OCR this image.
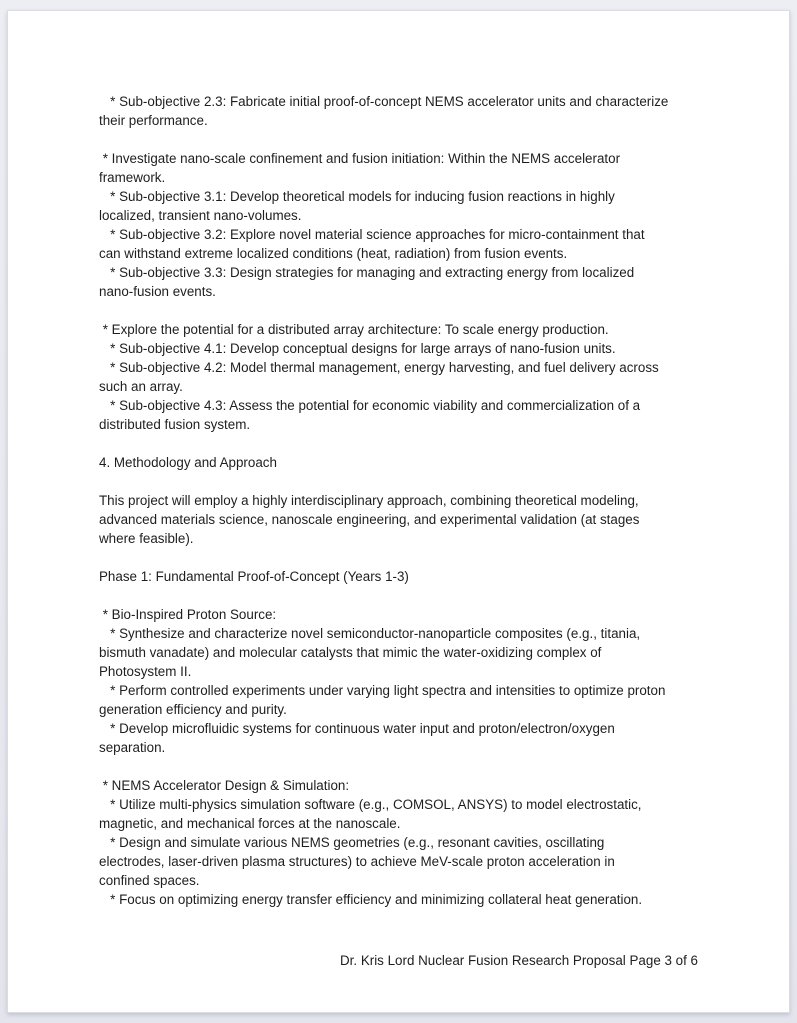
* Sub-objective 2.3: Fabricate initial proof-of-concept NEMS accelerator units and characterize
their performance.
* Investigate nano-scale confinement and fusion initiation: Within the NEMS accelerator
framework.
* Sub-objective 3.1: Develop theoretical models for inducing fusion reactions in highly
localized, transient nano-volumes.
* Sub-objective 3.2: Explore novel material science approaches for micro-containment that
can withstand extreme localized conditions (heat, radiation) from fusion events.
* Sub-objective 3.3: Design strategies for managing and extracting energy from localized
nano-fusion events.
* Explore the potential for a distributed array architecture: To scale energy production.
* Sub-objective 4.1: Develop conceptual designs for large arrays of nano-fusion units.
* Sub-objective 4.2: Model thermal management, energy harvesting, and fuel delivery across
such an array.
* Sub-objective 4.3: Assess the potential for economic viability and commercialization of a
distributed fusion system.
4. Methodology and Approach
This project will employ a highly interdisciplinary approach, combining theoretical modeling,
advanced materials science, nanoscale engineering, and experimental validation (at stages
where feasible).
Phase 1: Fundamental Proof-of-Concept (Years 1-3)
* Bio-Inspired Proton Source:
* Synthesize and characterize novel semiconductor-nanoparticle composites (e.g., titania,
bismuth vanadate) and molecular catalysts that mimic the water-oxidizing complex of
Photosystem II.
* Perform controlled experiments under varying light spectra and intensities to optimize proton
generation efficiency and purity.
* Develop microfluidic systems for continuous water input and proton/electron/oxygen
separation.
* NEMS Accelerator Design & Simulation:
* Utilize multi-physics simulation software (e.g., COMSOL, ANSYS) to model electrostatic,
magnetic, and mechanical forces at the nanoscale.
* Design and simulate various NEMS geometries (e.g., resonant cavities, oscillating
electrodes, laser-driven plasma structures) to achieve MeV-scale proton acceleration in
confined spaces.
* Focus on optimizing energy transfer efficiency and minimizing collateral heat generation.
Dr. Kris Lord Nuclear Fusion Research Proposal Page 3 of 6
